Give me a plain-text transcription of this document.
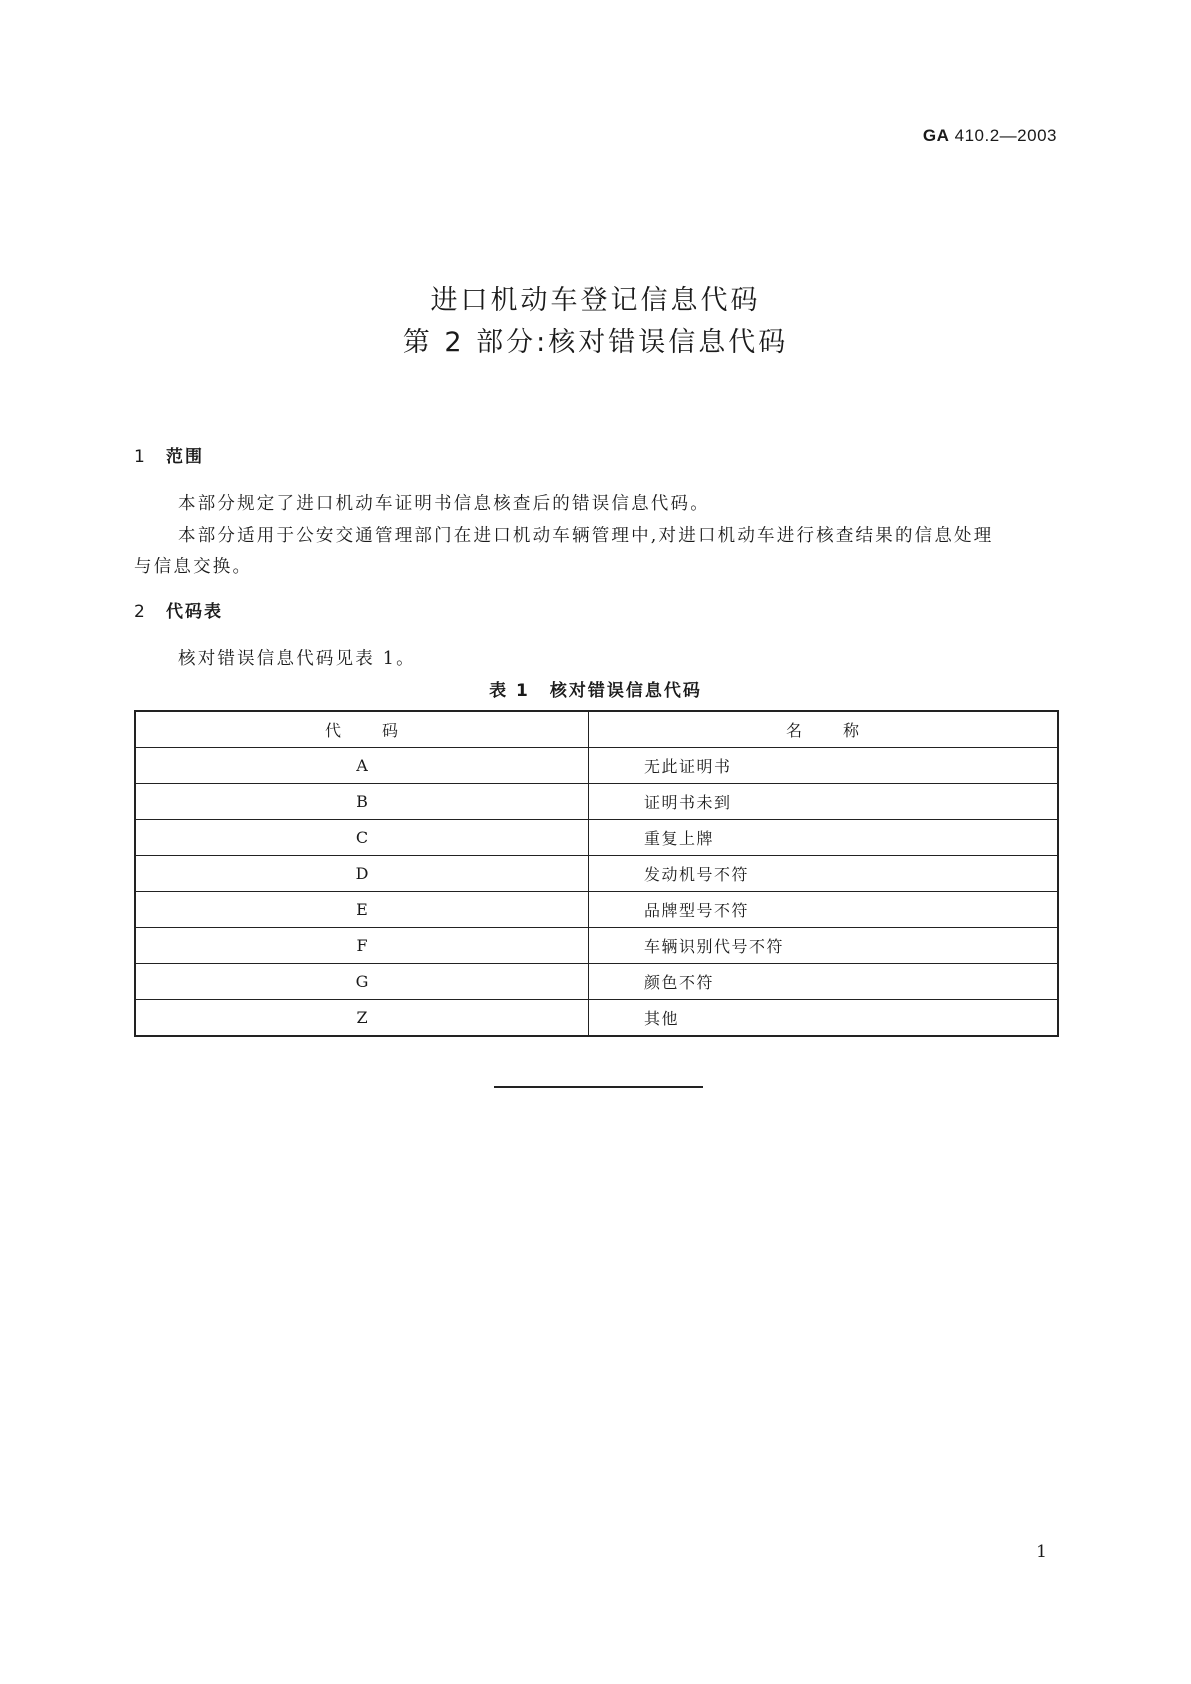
GA 410.2—2003
进口机动车登记信息代码
第 2 部分:核对错误信息代码
1 范围
本部分规定了进口机动车证明书信息核查后的错误信息代码。
本部分适用于公安交通管理部门在进口机动车辆管理中,对进口机动车进行核查结果的信息处理
与信息交换。
2 代码表
核对错误信息代码见表 1。
表 1 核对错误信息代码
代 码	名 称
A	无此证明书
B	证明书未到
C	重复上牌
D	发动机号不符
E	品牌型号不符
F	车辆识别代号不符
G	颜色不符
Z	其他
1
